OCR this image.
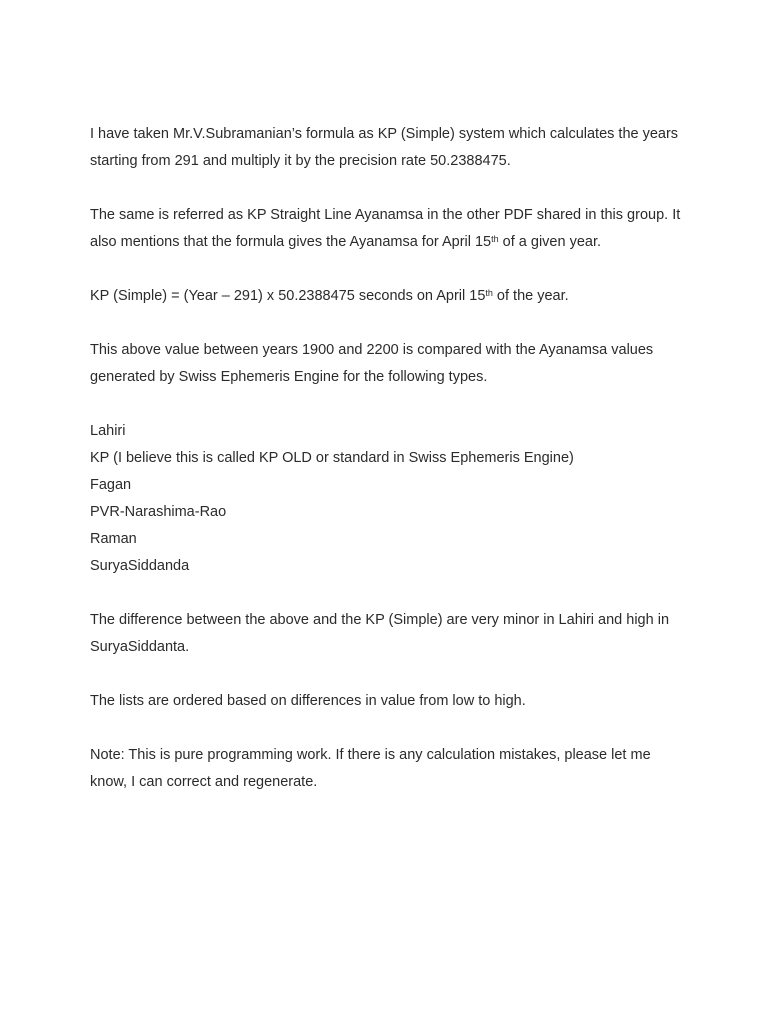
I have taken Mr.V.Subramanian’s formula as KP (Simple) system which calculates the years starting from 291 and multiply it by the precision rate 50.2388475.

The same is referred as KP Straight Line Ayanamsa in the other PDF shared in this group. It also mentions that the formula gives the Ayanamsa for April 15th of a given year.

KP (Simple) = (Year – 291) x 50.2388475 seconds on April 15th of the year.

This above value between years 1900 and 2200 is compared with the Ayanamsa values generated by Swiss Ephemeris Engine for the following types.

Lahiri
KP (I believe this is called KP OLD or standard in Swiss Ephemeris Engine)
Fagan
PVR-Narashima-Rao
Raman
SuryaSiddanda

The difference between the above and the KP (Simple) are very minor in Lahiri and high in SuryaSiddanta.

The lists are ordered based on differences in value from low to high.

Note: This is pure programming work. If there is any calculation mistakes, please let me know, I can correct and regenerate.
